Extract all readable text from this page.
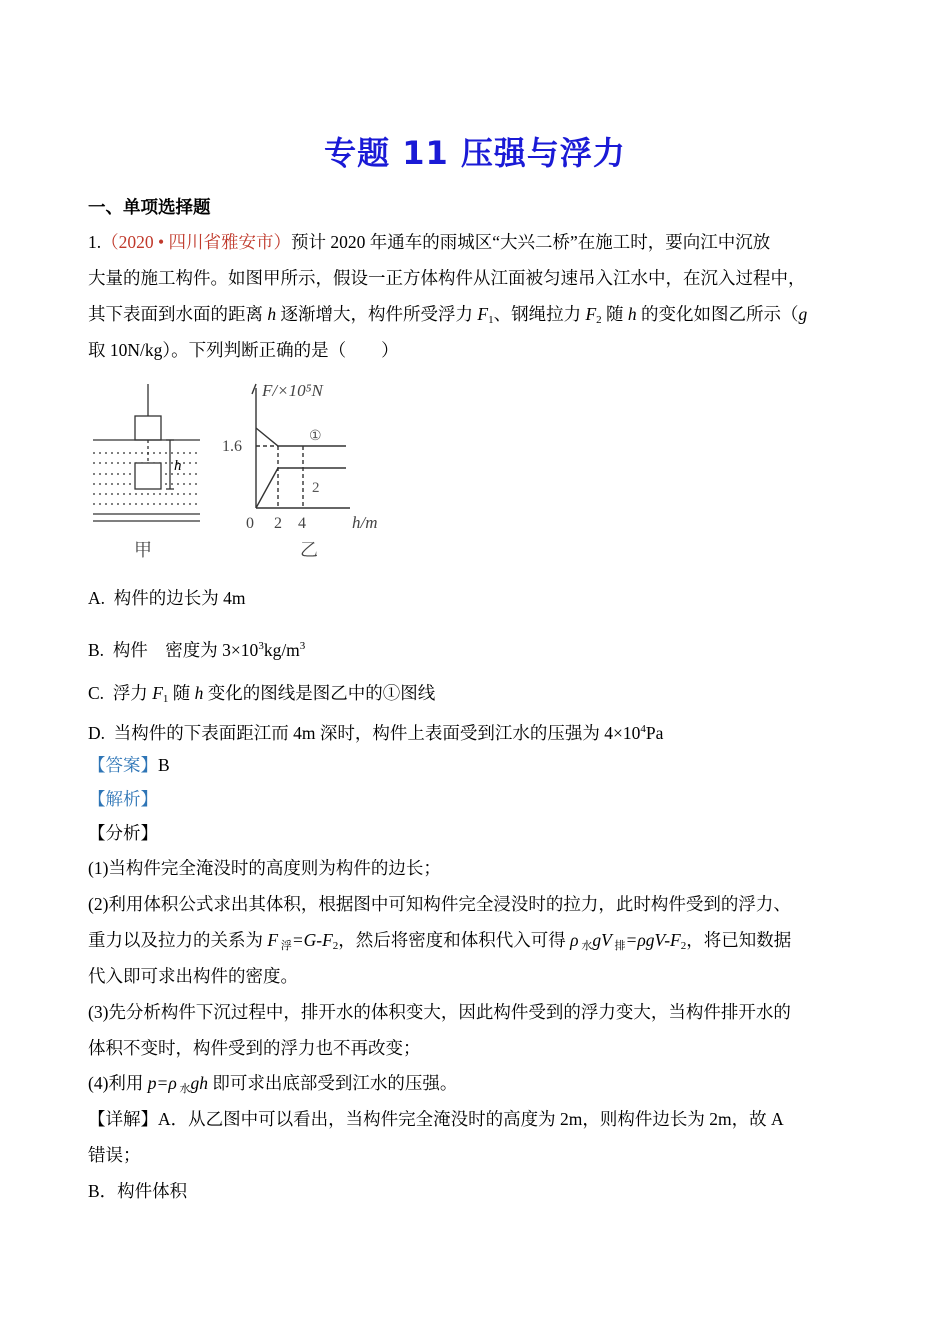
专题 11 压强与浮力
一、单项选择题
1.（2020 • 四川省雅安市）预计 2020 年通车的雨城区“大兴二桥”在施工时，要向江中沉放
大量的施工构件。如图甲所示，假设一正方体构件从江面被匀速吊入江水中，在沉入过程中，
其下表面到水面的距离 h 逐渐增大，构件所受浮力 $F_1$、钢绳拉力 $F_2$ 随 h 的变化如图乙所示（g
取 10N/kg）。下列判断正确的是（　　）
h
甲
F/×10⁵N
1.6
①
2
0 2 4	h/m
乙
A. 构件的边长为 4m
B. 构件　密度为 $3\times 10^3kg/m^3$
C. 浮力 $F_1$ 随 h 变化的图线是图乙中的①图线
D. 当构件的下表面距江而 4m 深时，构件上表面受到江水的压强为 $4\times 10^4Pa$
【答案】B
【解析】
【分析】
(1)当构件完全淹没时的高度则为构件的边长；
(2)利用体积公式求出其体积，根据图中可知构件完全浸没时的拉力，此时构件受到的浮力、
重力以及拉力的关系为 F $_浮=G-F_2$，然后将密度和体积代入可得 ρ $_水$gV $_排=\rho gV-F_2$，将已知数据
代入即可求出构件的密度。
(3)先分析构件下沉过程中，排开水的体积变大，因此构件受到的浮力变大，当构件排开水的
体积不变时，构件受到的浮力也不再改变；
(4)利用 p=ρ $_水$gh 即可求出底部受到江水的压强。
【详解】A．从乙图中可以看出，当构件完全淹没时的高度为 2m，则构件边长为 2m，故 A
错误；
B．构件体积
